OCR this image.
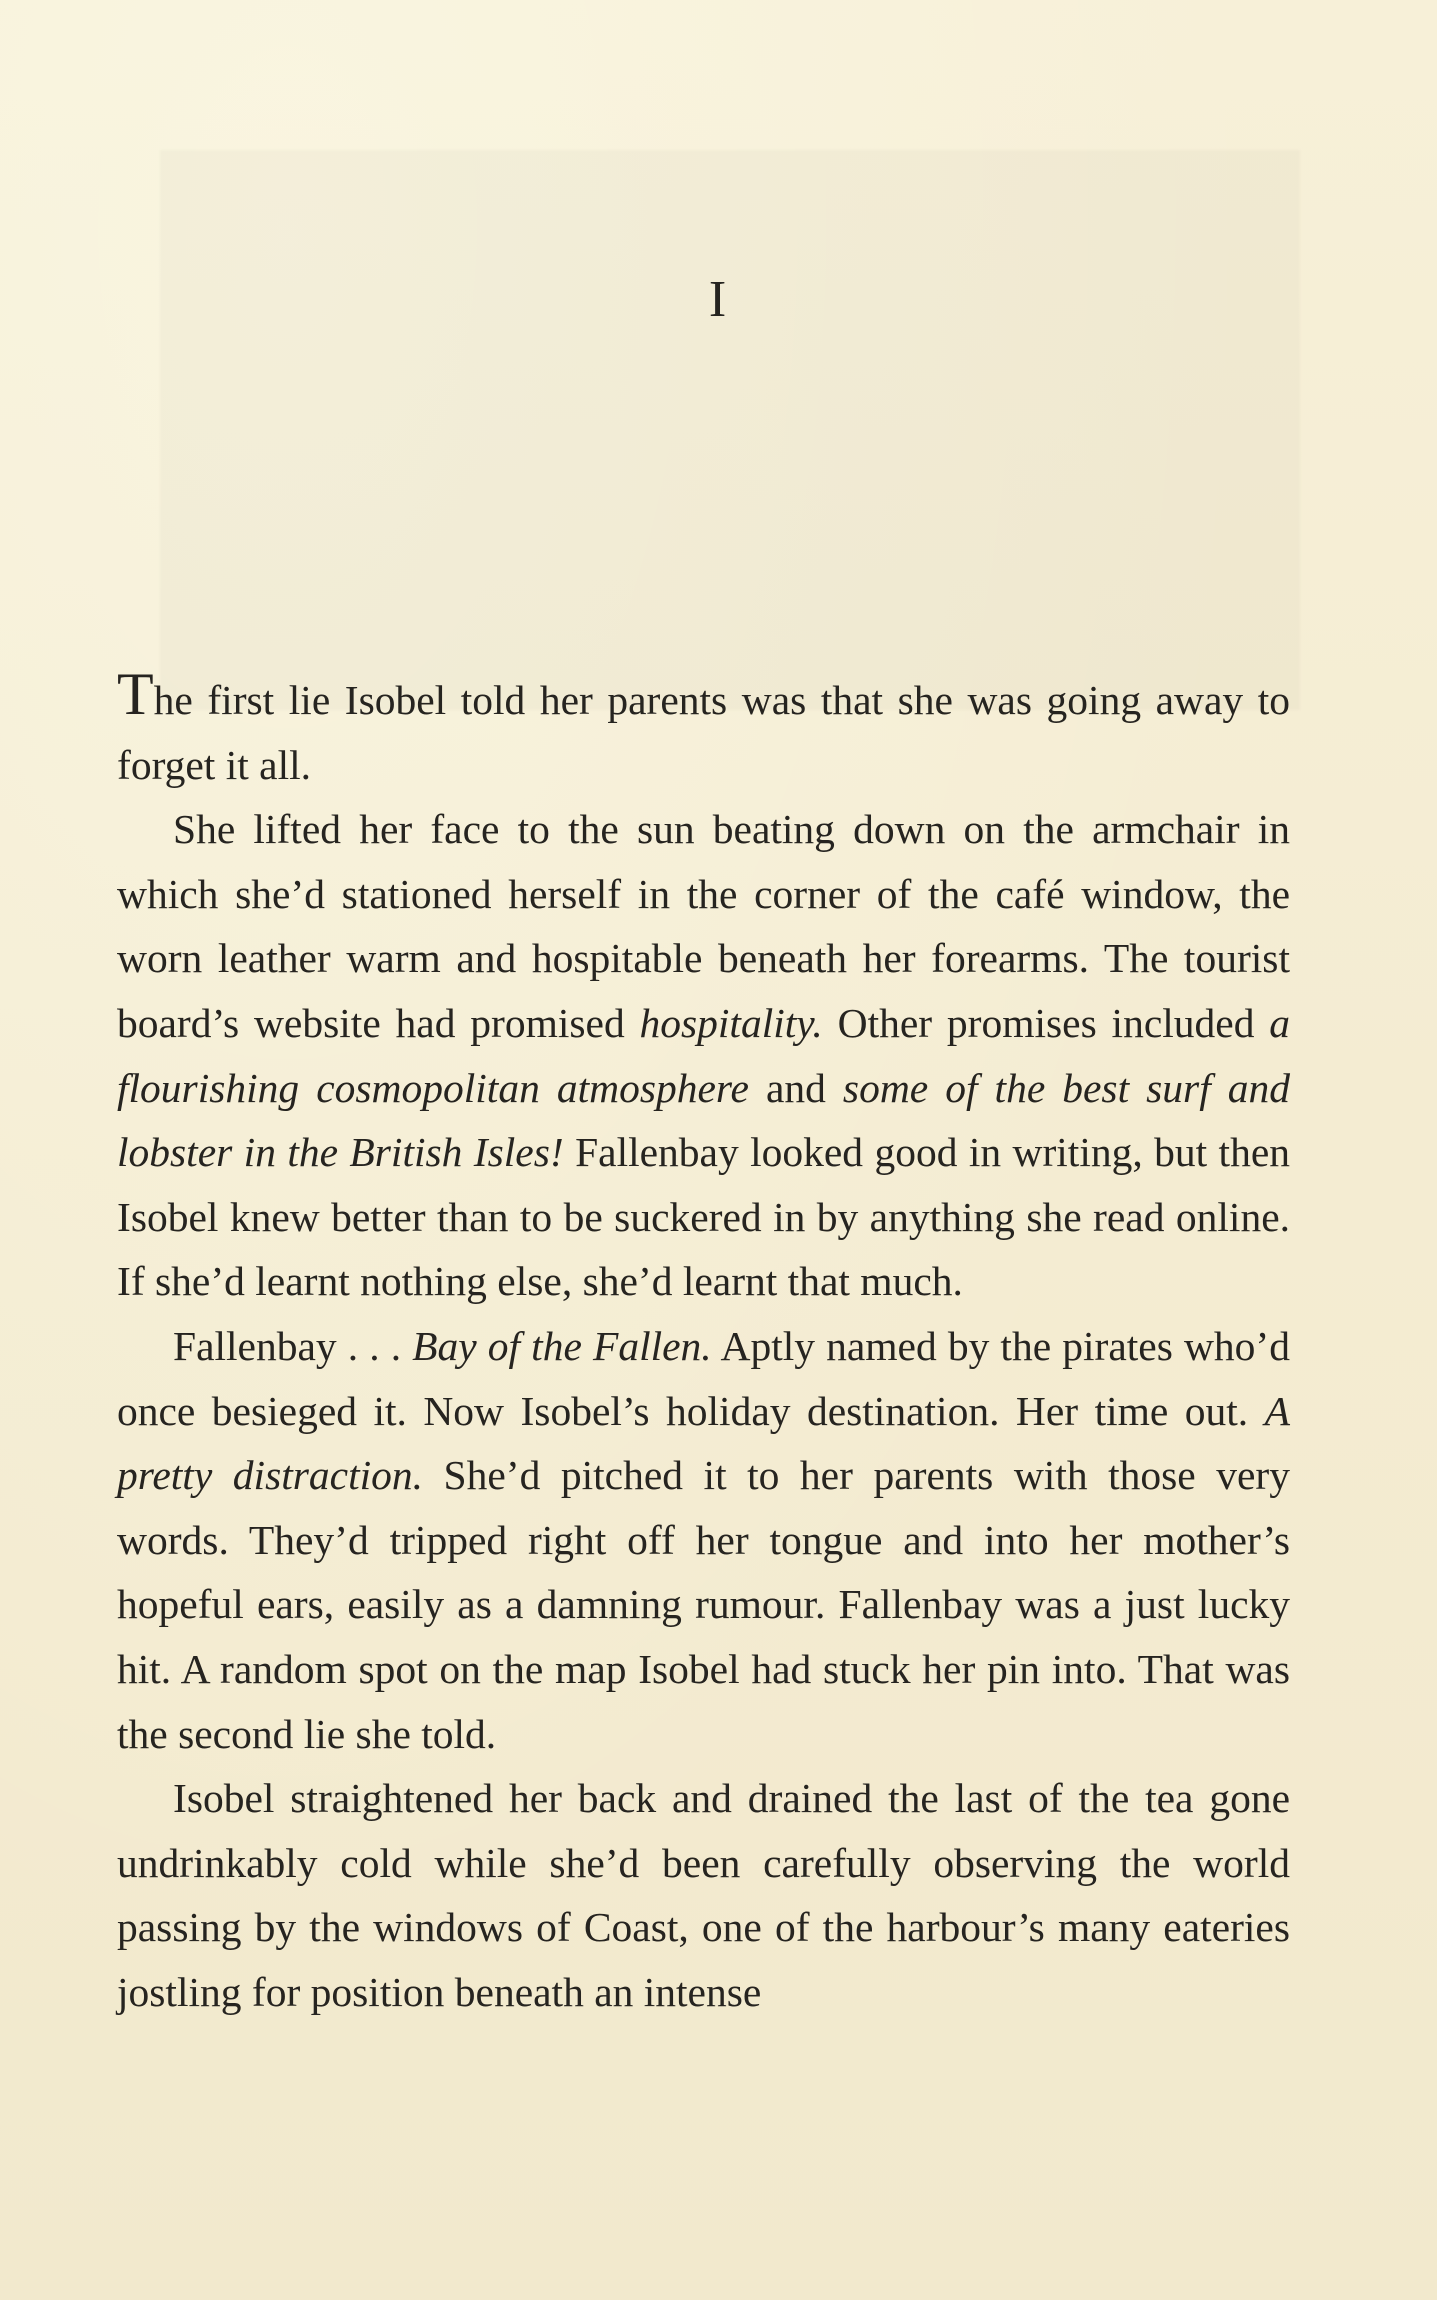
I

The first lie Isobel told her parents was that she was going away to forget it all.

She lifted her face to the sun beating down on the armchair in which she’d stationed herself in the corner of the café window, the worn leather warm and hospitable beneath her forearms. The tourist board’s website had promised hospitality. Other promises included a flourishing cosmopolitan atmosphere and some of the best surf and lobster in the British Isles! Fallenbay looked good in writing, but then Isobel knew better than to be suckered in by anything she read online. If she’d learnt nothing else, she’d learnt that much.

Fallenbay . . . Bay of the Fallen. Aptly named by the pirates who’d once besieged it. Now Isobel’s holiday destination. Her time out. A pretty distraction. She’d pitched it to her parents with those very words. They’d tripped right off her tongue and into her mother’s hopeful ears, easily as a damning rumour. Fallenbay was a just lucky hit. A random spot on the map Isobel had stuck her pin into. That was the second lie she told.

Isobel straightened her back and drained the last of the tea gone undrinkably cold while she’d been carefully observing the world passing by the windows of Coast, one of the harbour’s many eateries jostling for position beneath an intense
